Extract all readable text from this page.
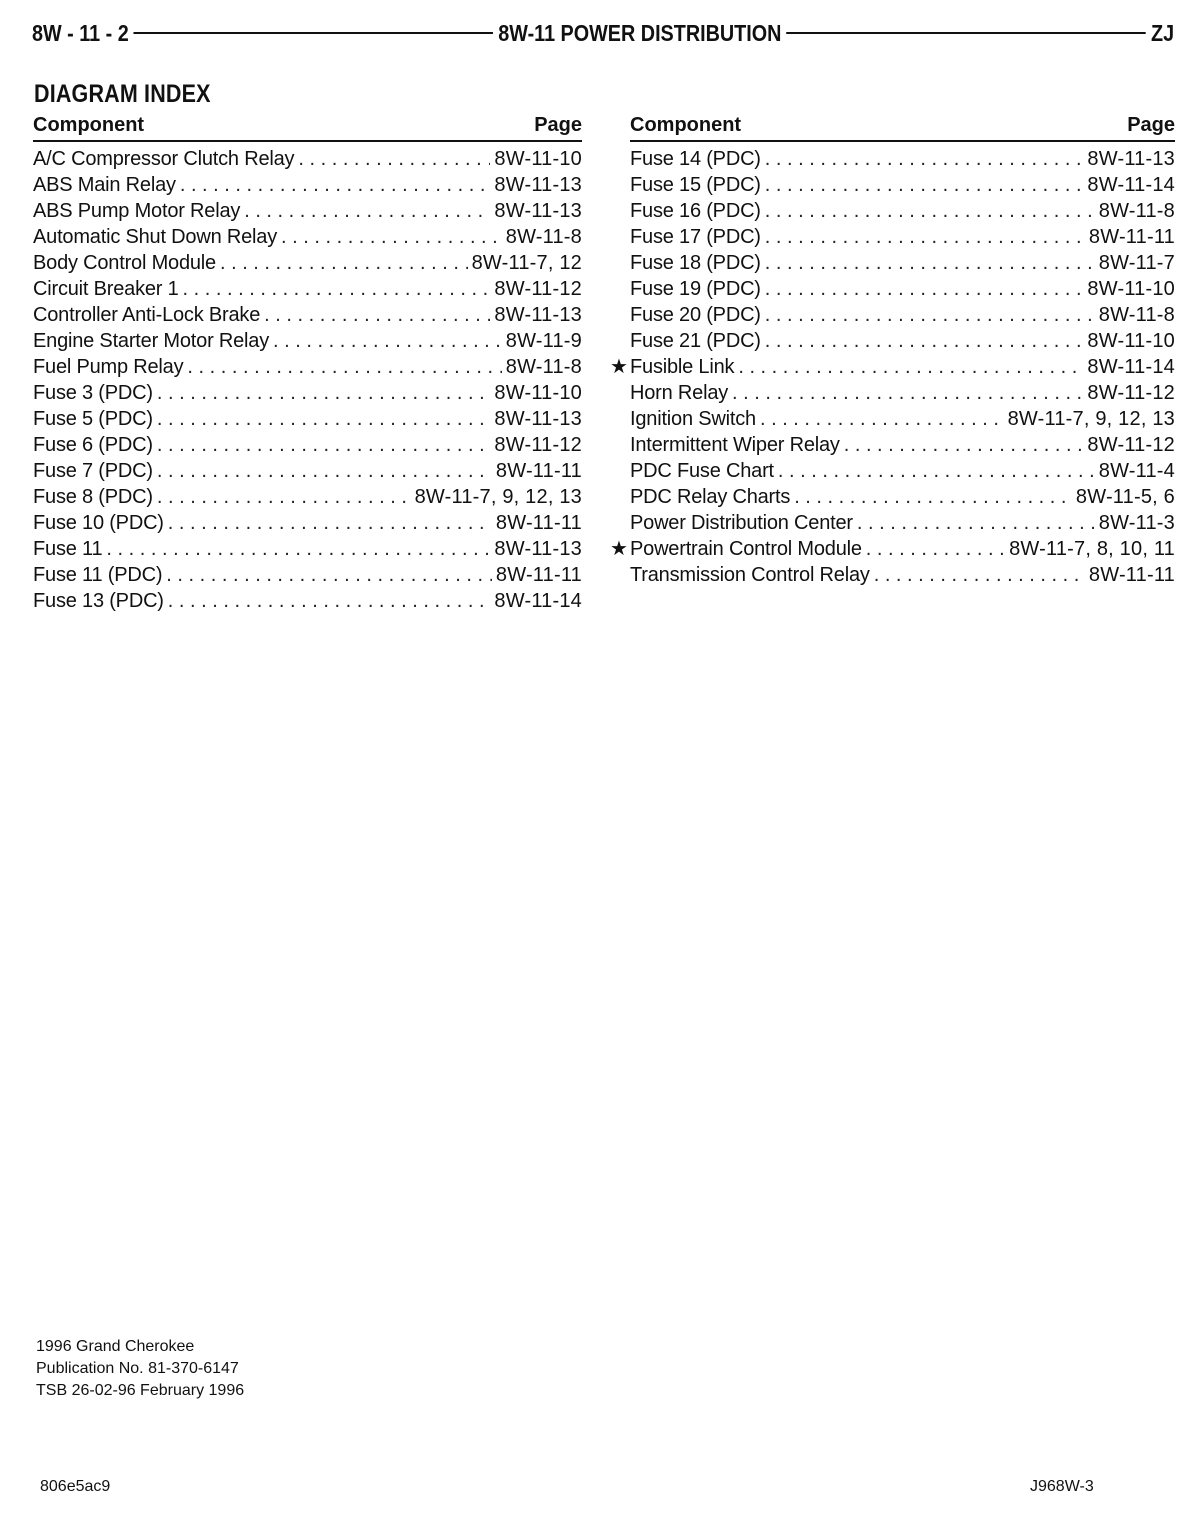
8W - 11 - 2	8W-11 POWER DISTRIBUTION	ZJ
DIAGRAM INDEX
Component	Page
A/C Compressor Clutch Relay . . .	8W-11-10
ABS Main Relay . . .	8W-11-13
ABS Pump Motor Relay . . .	8W-11-13
Automatic Shut Down Relay . . .	8W-11-8
Body Control Module . . .	8W-11-7, 12
Circuit Breaker 1 . . .	8W-11-12
Controller Anti-Lock Brake . . .	8W-11-13
Engine Starter Motor Relay . . .	8W-11-9
Fuel Pump Relay . . .	8W-11-8
Fuse 3 (PDC) . . .	8W-11-10
Fuse 5 (PDC) . . .	8W-11-13
Fuse 6 (PDC) . . .	8W-11-12
Fuse 7 (PDC) . . .	8W-11-11
Fuse 8 (PDC) . . .	8W-11-7, 9, 12, 13
Fuse 10 (PDC) . . .	8W-11-11
Fuse 11 . . .	8W-11-13
Fuse 11 (PDC) . . .	8W-11-11
Fuse 13 (PDC) . . .	8W-11-14
Component	Page
Fuse 14 (PDC) . . .	8W-11-13
Fuse 15 (PDC) . . .	8W-11-14
Fuse 16 (PDC) . . .	8W-11-8
Fuse 17 (PDC) . . .	8W-11-11
Fuse 18 (PDC) . . .	8W-11-7
Fuse 19 (PDC) . . .	8W-11-10
Fuse 20 (PDC) . . .	8W-11-8
Fuse 21 (PDC) . . .	8W-11-10
★ Fusible Link . . .	8W-11-14
Horn Relay . . .	8W-11-12
Ignition Switch . . .	8W-11-7, 9, 12, 13
Intermittent Wiper Relay . . .	8W-11-12
PDC Fuse Chart . . .	8W-11-4
PDC Relay Charts . . .	8W-11-5, 6
Power Distribution Center . . .	8W-11-3
★ Powertrain Control Module . . .	8W-11-7, 8, 10, 11
Transmission Control Relay . . .	8W-11-11
1996 Grand Cherokee
Publication No. 81-370-6147
TSB 26-02-96 February 1996
806e5ac9	J968W-3
